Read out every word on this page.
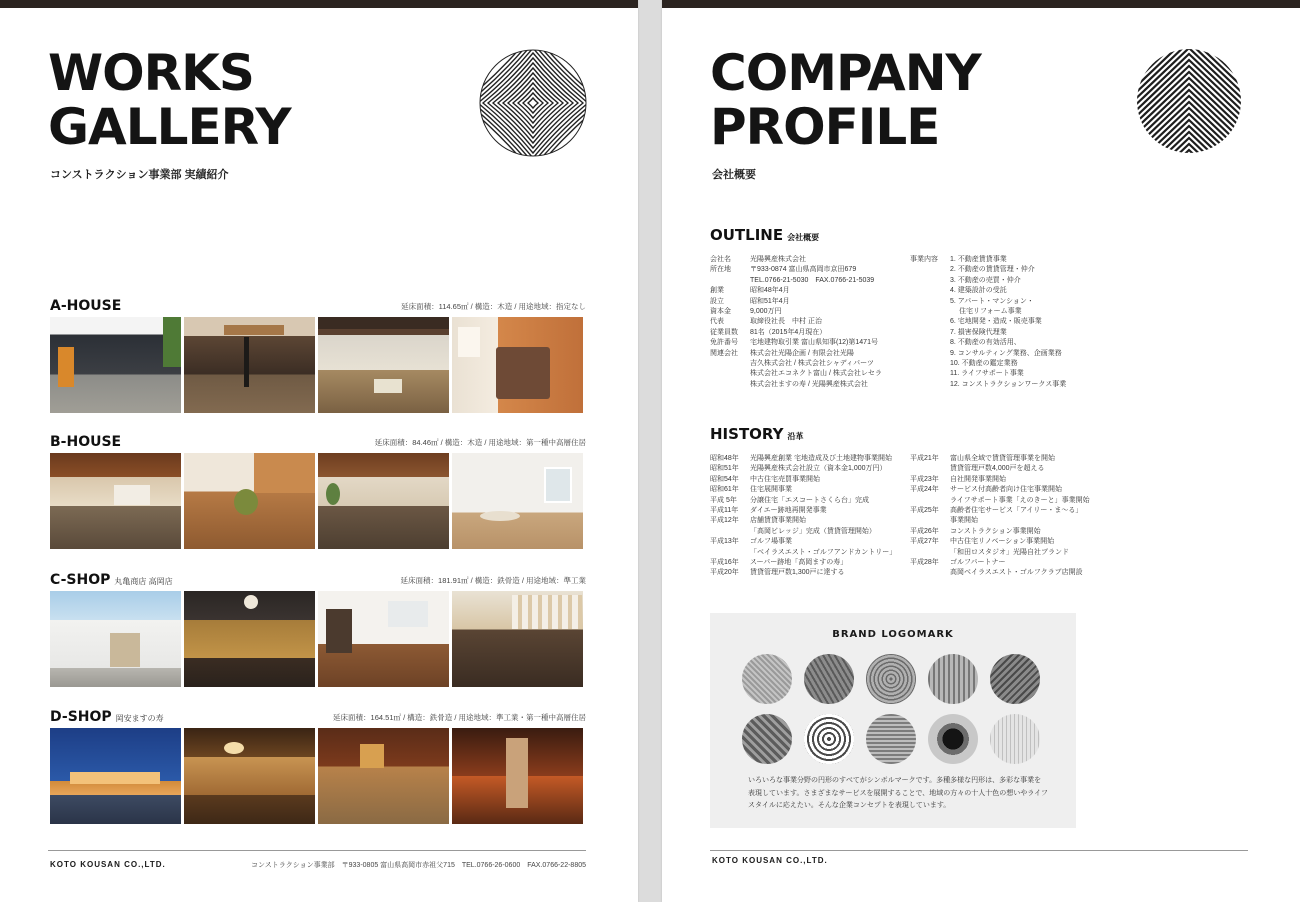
WORKS
GALLERY
コンストラクション事業部 実績紹介
A-HOUSE	延床面積：114.65㎡ / 構造：木造 / 用途地域：指定なし
B-HOUSE	延床面積：84.46㎡ / 構造：木造 / 用途地域：第一種中高層住居
C-SHOP 丸亀商店 高岡店	延床面積：181.91㎡ / 構造：鉄骨造 / 用途地域：準工業
D-SHOP 岡安ますの寿	延床面積：164.51㎡ / 構造：鉄骨造 / 用途地域：準工業・第一種中高層住居
KOTO KOUSAN CO.,LTD.	コンストラクション事業部　〒933-0805 富山県高岡市赤祖父715　TEL.0766-26-0600　FAX.0766-22-8805
COMPANY
PROFILE
会社概要
OUTLINE 会社概要
会社名	光陽興産株式会社
所在地	〒933-0874 富山県高岡市京田679
TEL.0766-21-5030　FAX.0766-21-5039
創業	昭和48年4月
設立	昭和51年4月
資本金	9,000万円
代表	取締役社長　中村 正治
従業員数	81名（2015年4月現在）
免許番号	宅地建物取引業 富山県知事(12)第1471号
関連会社	株式会社光陽企画 / 有限会社光陽
吉久株式会社 / 株式会社シャディパーツ
株式会社エコネクト富山 / 株式会社レセラ
株式会社ますの寿 / 光陽興産株式会社
事業内容	1. 不動産賃貸事業
2. 不動産の賃貸管理・仲介
3. 不動産の売買・仲介
4. 建築設計の受託
5. アパート・マンション・
　 住宅リフォーム事業
6. 宅地開発・造成・販売事業
7. 損害保険代理業
8. 不動産の有効活用、
9. コンサルティング業務、企画業務
10. 不動産の鑑定業務
11. ライフサポート事業
12. コンストラクションワークス事業
HISTORY 沿革
昭和48年	光陽興産創業 宅地造成及び土地建物事業開始
昭和51年	光陽興産株式会社設立（資本金1,000万円）
昭和54年	中古住宅売買事業開始
昭和61年	住宅展開事業
平成 5年	分譲住宅「エスコートさくら台」完成
平成11年	ダイエー跡地再開発事業
平成12年	店舗賃貸事業開始
「高岡ビレッジ」完成（賃貸管理開始）
平成13年	ゴルフ場事業
「ベイラスエスト・ゴルフアンドカントリー」
平成16年	スーパー跡地「高岡ますの寿」
平成20年	賃貸管理戸数1,300戸に達する
平成21年	富山県全域で賃貸管理事業を開始
賃貸管理戸数4,000戸を超える
平成23年	自社開発事業開始
平成24年	サービス付高齢者向け住宅事業開始
ライフサポート事業「えのきーと」事業開始
平成25年	高齢者住宅サービス「アイリー・ま〜る」
事業開始
平成26年	コンストラクション事業開始
平成27年	中古住宅リノベーション事業開始
「和田ロスタジオ」光陽自社ブランド
平成28年	ゴルフパートナー
高岡ベイラスエスト・ゴルフクラブ店開設
BRAND LOGOMARK
いろいろな事業分野の円形のすべてがシンボルマークです。多種多様な円形は、多彩な事業を表現しています。さまざまなサービスを展開することで、地域の方々の十人十色の想いやライフスタイルに応えたい。そんな企業コンセプトを表現しています。
KOTO KOUSAN CO.,LTD.
